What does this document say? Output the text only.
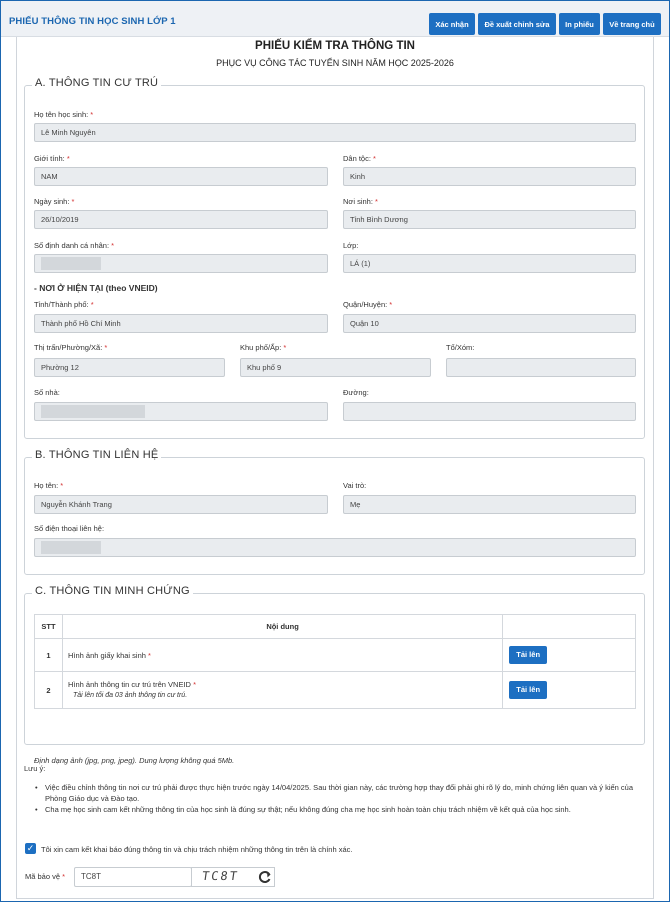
PHIẾU THÔNG TIN HỌC SINH LỚP 1	Xác nhận	Đề xuất chỉnh sửa	In phiếu	Về trang chủ
PHIẾU KIỂM TRA THÔNG TIN
PHỤC VỤ CÔNG TÁC TUYỂN SINH NĂM HỌC 2025-2026
A. THÔNG TIN CƯ TRÚ
Họ tên học sinh: *
Lê Minh Nguyên
Giới tính: *
NAM
Dân tộc: *
Kinh
Ngày sinh: *
26/10/2019
Nơi sinh: *
Tỉnh Bình Dương
Số định danh cá nhân: *	Lớp:
LÁ (1)
- NƠI Ở HIỆN TẠI (theo VNEID)
Tỉnh/Thành phố: *
Thành phố Hồ Chí Minh
Quận/Huyện: *
Quận 10
Thị trấn/Phường/Xã: *
Phường 12
Khu phố/Ấp: *
Khu phố 9
Tổ/Xóm:
Số nhà:	Đường:
B. THÔNG TIN LIÊN HỆ
Họ tên: *
Nguyễn Khánh Trang
Vai trò:
Mẹ
Số điện thoại liên hệ:
C. THÔNG TIN MINH CHỨNG
STT	Nội dung	
1	Hình ảnh giấy khai sinh *	Tải lên
2	Hình ảnh thông tin cư trú trên VNEID *
Tải lên tối đa 03 ảnh thông tin cư trú.	Tải lên
Định dạng ảnh (jpg, png, jpeg). Dung lượng không quá 5Mb.
Lưu ý:
• Việc điều chỉnh thông tin nơi cư trú phải được thực hiện trước ngày 14/04/2025. Sau thời gian này, các trường hợp thay đổi phải ghi rõ lý do, minh chứng liên quan và ý kiến của Phòng Giáo dục và Đào tạo.
• Cha mẹ học sinh cam kết những thông tin của học sinh là đúng sự thật; nếu không đúng cha mẹ học sinh hoàn toàn chịu trách nhiệm về kết quả của học sinh.
✓ Tôi xin cam kết khai báo đúng thông tin và chịu trách nhiệm những thông tin trên là chính xác.
Mã bảo vệ *	TC8T	TC8T
